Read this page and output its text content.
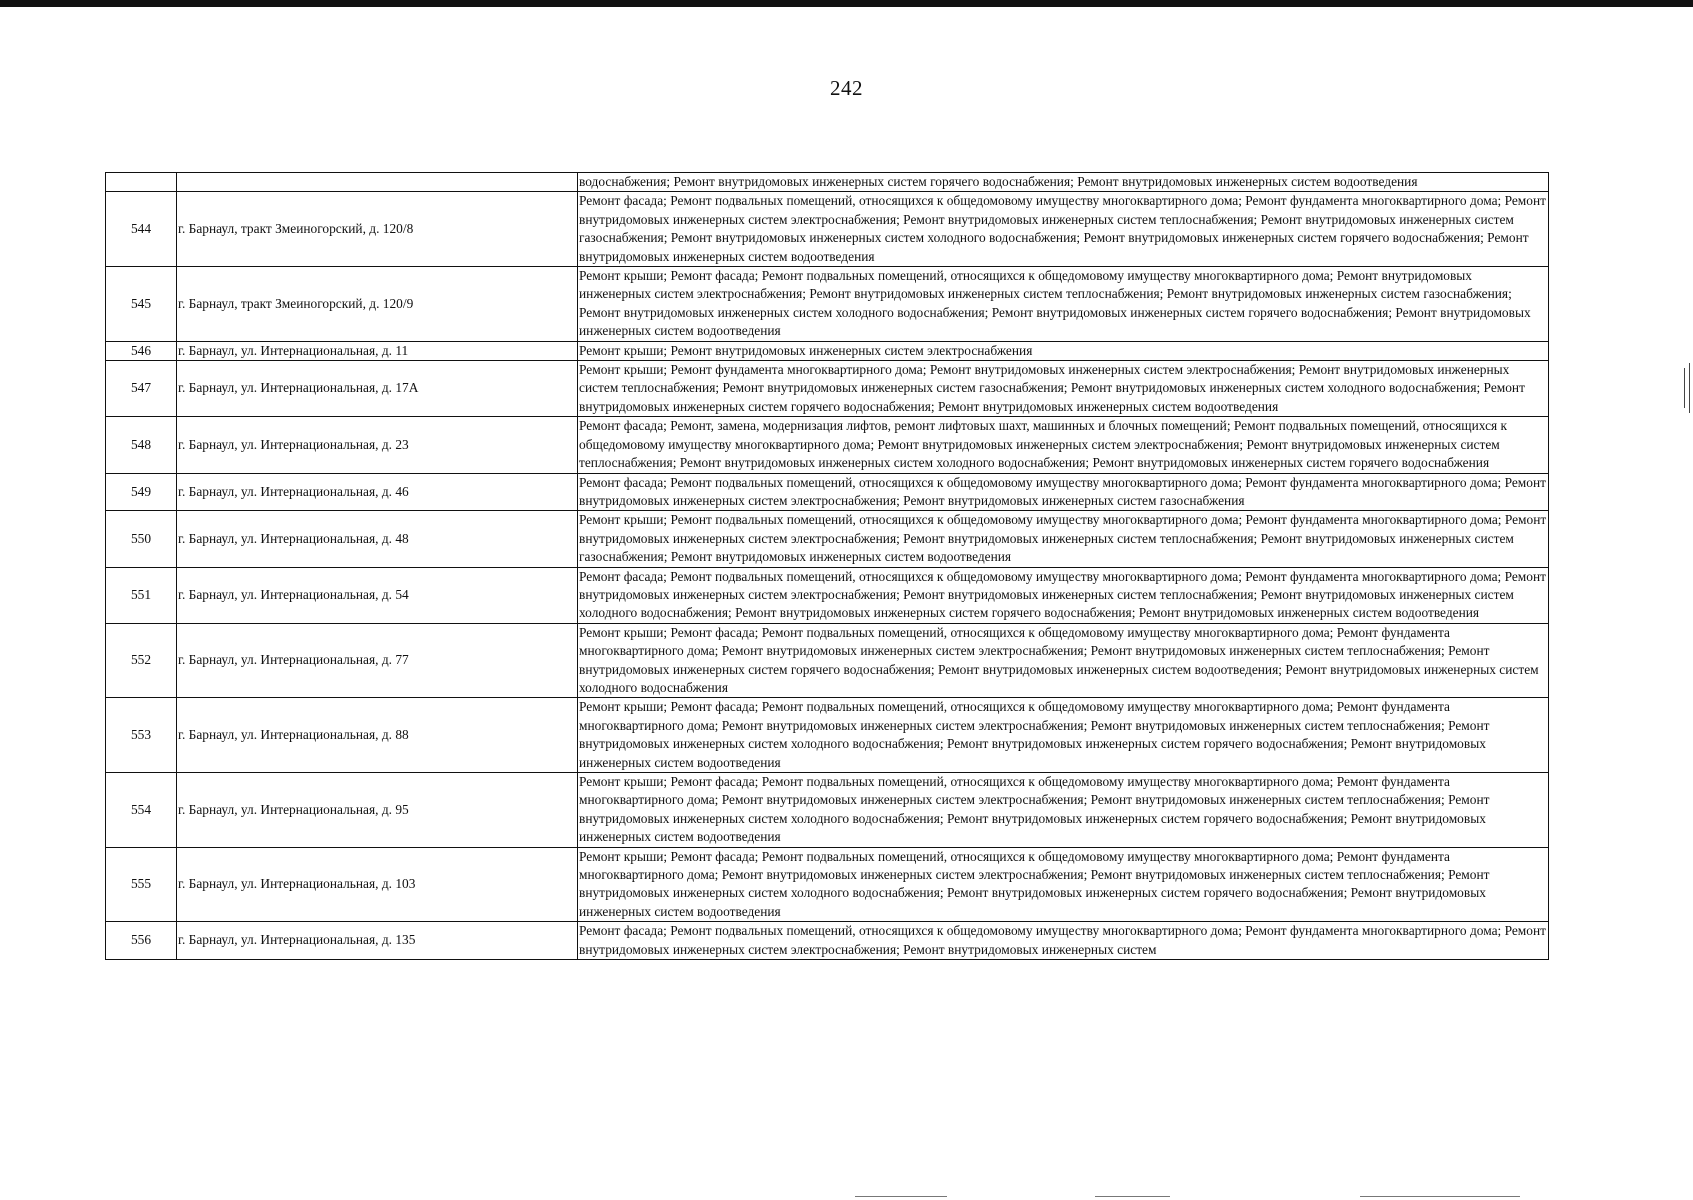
242
		водоснабжения; Ремонт внутридомовых инженерных систем горячего водоснабжения; Ремонт внутридомовых инженерных систем водоотведения
544	г. Барнаул, тракт Змеиногорский, д. 120/8	Ремонт фасада; Ремонт подвальных помещений, относящихся к общедомовому имуществу многоквартирного дома; Ремонт фундамента многоквартирного дома; Ремонт внутридомовых инженерных систем электроснабжения; Ремонт внутридомовых инженерных систем теплоснабжения; Ремонт внутридомовых инженерных систем газоснабжения; Ремонт внутридомовых инженерных систем холодного водоснабжения; Ремонт внутридомовых инженерных систем горячего водоснабжения; Ремонт внутридомовых инженерных систем водоотведения
545	г. Барнаул, тракт Змеиногорский, д. 120/9	Ремонт крыши; Ремонт фасада; Ремонт подвальных помещений, относящихся к общедомовому имуществу многоквартирного дома; Ремонт внутридомовых инженерных систем электроснабжения; Ремонт внутридомовых инженерных систем теплоснабжения; Ремонт внутридомовых инженерных систем газоснабжения; Ремонт внутридомовых инженерных систем холодного водоснабжения; Ремонт внутридомовых инженерных систем горячего водоснабжения; Ремонт внутридомовых инженерных систем водоотведения
546	г. Барнаул, ул. Интернациональная, д. 11	Ремонт крыши; Ремонт внутридомовых инженерных систем электроснабжения
547	г. Барнаул, ул. Интернациональная, д. 17А	Ремонт крыши; Ремонт фундамента многоквартирного дома; Ремонт внутридомовых инженерных систем электроснабжения; Ремонт внутридомовых инженерных систем теплоснабжения; Ремонт внутридомовых инженерных систем газоснабжения; Ремонт внутридомовых инженерных систем холодного водоснабжения; Ремонт внутридомовых инженерных систем горячего водоснабжения; Ремонт внутридомовых инженерных систем водоотведения
548	г. Барнаул, ул. Интернациональная, д. 23	Ремонт фасада; Ремонт, замена, модернизация лифтов, ремонт лифтовых шахт, машинных и блочных помещений; Ремонт подвальных помещений, относящихся к общедомовому имуществу многоквартирного дома; Ремонт внутридомовых инженерных систем электроснабжения; Ремонт внутридомовых инженерных систем теплоснабжения; Ремонт внутридомовых инженерных систем холодного водоснабжения; Ремонт внутридомовых инженерных систем горячего водоснабжения
549	г. Барнаул, ул. Интернациональная, д. 46	Ремонт фасада; Ремонт подвальных помещений, относящихся к общедомовому имуществу многоквартирного дома; Ремонт фундамента многоквартирного дома; Ремонт внутридомовых инженерных систем электроснабжения; Ремонт внутридомовых инженерных систем газоснабжения
550	г. Барнаул, ул. Интернациональная, д. 48	Ремонт крыши; Ремонт подвальных помещений, относящихся к общедомовому имуществу многоквартирного дома; Ремонт фундамента многоквартирного дома; Ремонт внутридомовых инженерных систем электроснабжения; Ремонт внутридомовых инженерных систем теплоснабжения; Ремонт внутридомовых инженерных систем газоснабжения; Ремонт внутридомовых инженерных систем водоотведения
551	г. Барнаул, ул. Интернациональная, д. 54	Ремонт фасада; Ремонт подвальных помещений, относящихся к общедомовому имуществу многоквартирного дома; Ремонт фундамента многоквартирного дома; Ремонт внутридомовых инженерных систем электроснабжения; Ремонт внутридомовых инженерных систем теплоснабжения; Ремонт внутридомовых инженерных систем холодного водоснабжения; Ремонт внутридомовых инженерных систем горячего водоснабжения; Ремонт внутридомовых инженерных систем водоотведения
552	г. Барнаул, ул. Интернациональная, д. 77	Ремонт крыши; Ремонт фасада; Ремонт подвальных помещений, относящихся к общедомовому имуществу многоквартирного дома; Ремонт фундамента многоквартирного дома; Ремонт внутридомовых инженерных систем электроснабжения; Ремонт внутридомовых инженерных систем теплоснабжения; Ремонт внутридомовых инженерных систем горячего водоснабжения; Ремонт внутридомовых инженерных систем водоотведения; Ремонт внутридомовых инженерных систем холодного водоснабжения
553	г. Барнаул, ул. Интернациональная, д. 88	Ремонт крыши; Ремонт фасада; Ремонт подвальных помещений, относящихся к общедомовому имуществу многоквартирного дома; Ремонт фундамента многоквартирного дома; Ремонт внутридомовых инженерных систем электроснабжения; Ремонт внутридомовых инженерных систем теплоснабжения; Ремонт внутридомовых инженерных систем холодного водоснабжения; Ремонт внутридомовых инженерных систем горячего водоснабжения; Ремонт внутридомовых инженерных систем водоотведения
554	г. Барнаул, ул. Интернациональная, д. 95	Ремонт крыши; Ремонт фасада; Ремонт подвальных помещений, относящихся к общедомовому имуществу многоквартирного дома; Ремонт фундамента многоквартирного дома; Ремонт внутридомовых инженерных систем электроснабжения; Ремонт внутридомовых инженерных систем теплоснабжения; Ремонт внутридомовых инженерных систем холодного водоснабжения; Ремонт внутридомовых инженерных систем горячего водоснабжения; Ремонт внутридомовых инженерных систем водоотведения
555	г. Барнаул, ул. Интернациональная, д. 103	Ремонт крыши; Ремонт фасада; Ремонт подвальных помещений, относящихся к общедомовому имуществу многоквартирного дома; Ремонт фундамента многоквартирного дома; Ремонт внутридомовых инженерных систем электроснабжения; Ремонт внутридомовых инженерных систем теплоснабжения; Ремонт внутридомовых инженерных систем холодного водоснабжения; Ремонт внутридомовых инженерных систем горячего водоснабжения; Ремонт внутридомовых инженерных систем водоотведения
556	г. Барнаул, ул. Интернациональная, д. 135	Ремонт фасада; Ремонт подвальных помещений, относящихся к общедомовому имуществу многоквартирного дома; Ремонт фундамента многоквартирного дома; Ремонт внутридомовых инженерных систем электроснабжения; Ремонт внутридомовых инженерных систем
